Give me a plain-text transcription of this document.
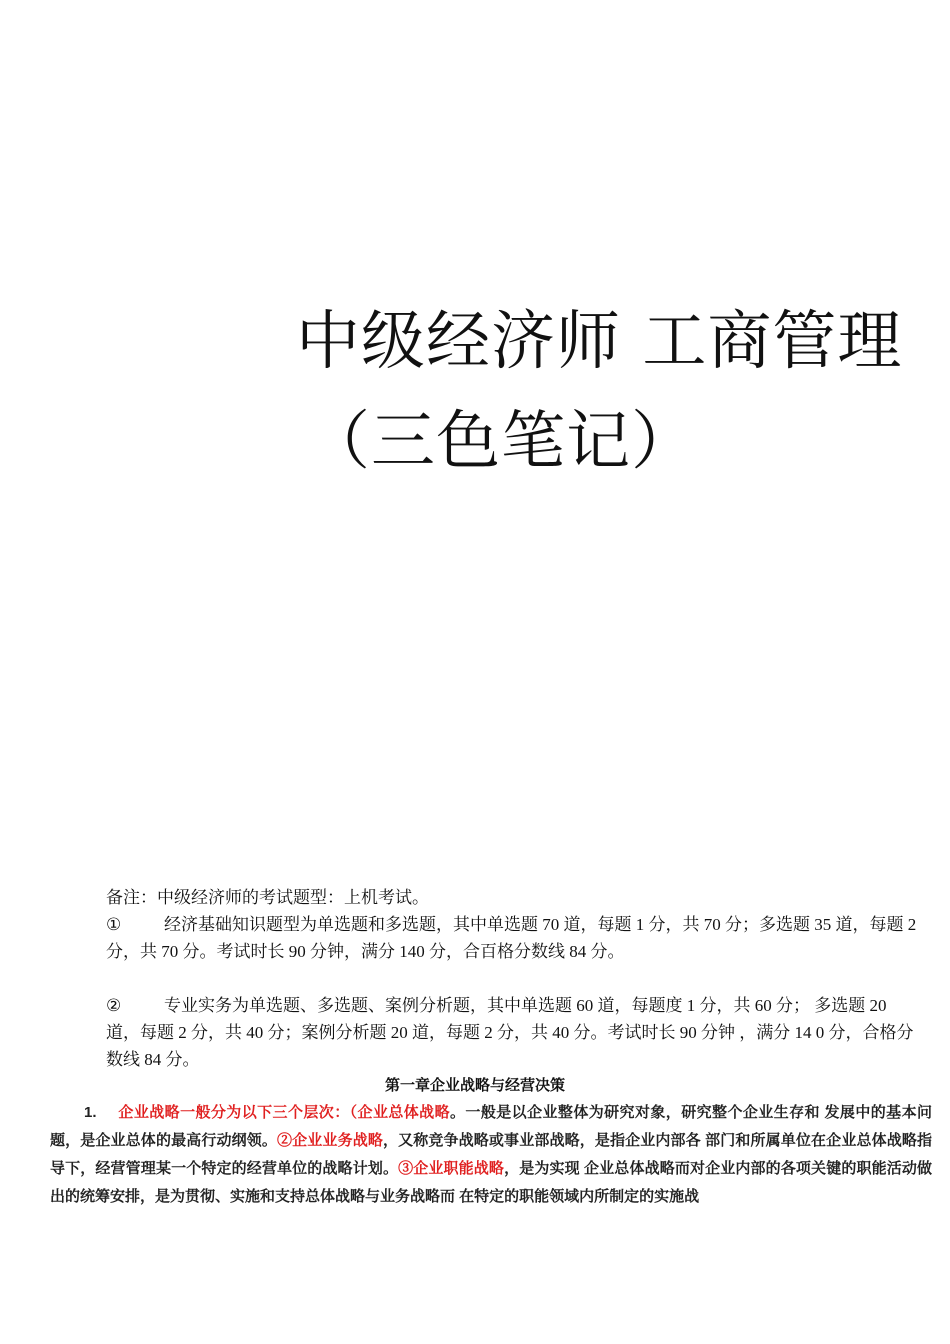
中级经济师 工商管理
（三色笔记）

备注：中级经济师的考试题型：上机考试。

①	经济基础知识题型为单选题和多选题，其中单选题 70 道，每题 1 分，共 70 分；多选题 35 道，每题 2 分，共 70 分。考试时长 90 分钟，满分 140 分，合百格分数线 84 分。

②	专业实务为单选题、多选题、案例分析题，其中单选题 60 道，每题度 1 分，共 60 分； 多选题 20 道，每题 2 分，共 40 分；案例分析题 20 道，每题 2 分，共 40 分。考试时长 90 分钟 ，满分 14 0 分，合格分数线 84 分。

第一章企业战略与经营决策
1. 企业战略一般分为以下三个层次：（企业总体战略。一般是以企业整体为研究对象，研究整个企业生存和 发展中的基本问题，是企业总体的最高行动纲领。②企业业务战略，又称竞争战略或事业部战略，是指企业内部各 部门和所属单位在企业总体战略指导下，经营管理某一个特定的经营单位的战略计划。③企业职能战略，是为实现 企业总体战略而对企业内部的各项关键的职能活动做出的统筹安排，是为贯彻、实施和支持总体战略与业务战略而 在特定的职能领域内所制定的实施战
